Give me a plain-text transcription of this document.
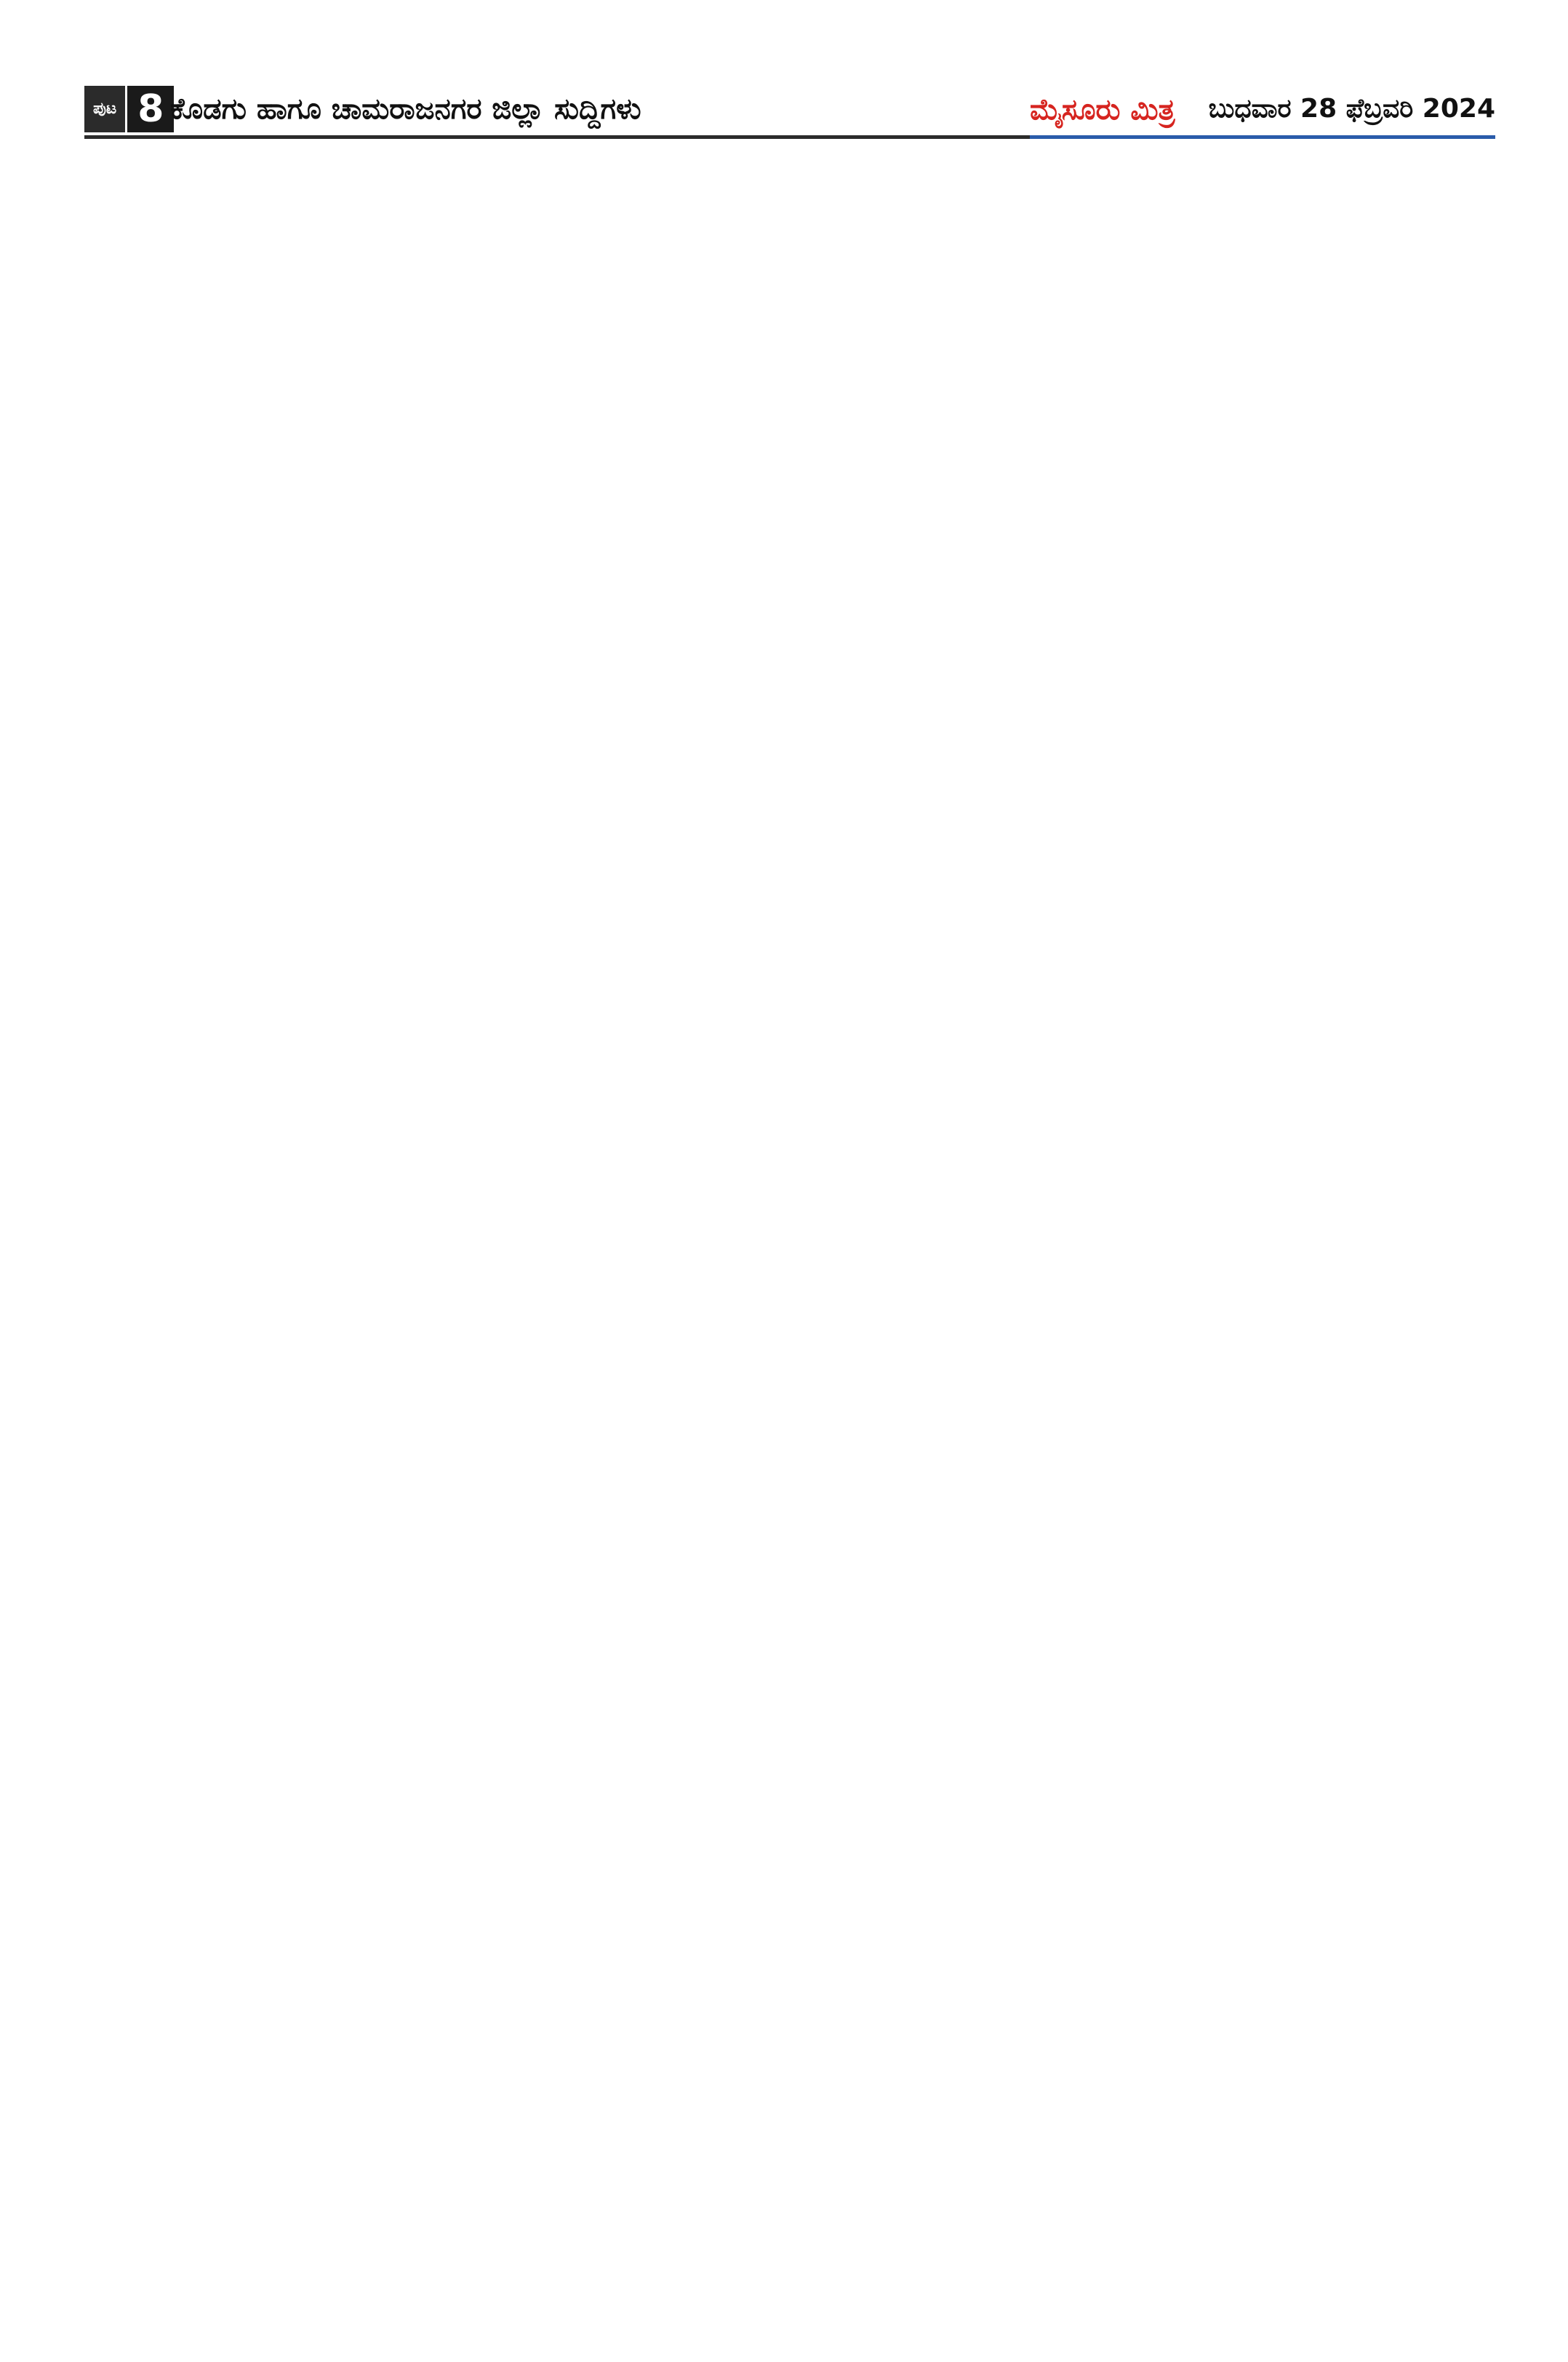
ಪುಟ 8 ಕೊಡಗು ಹಾಗೂ ಚಾಮರಾಜನಗರ ಜಿಲ್ಲಾ ಸುದ್ದಿಗಳು	ಮೈಸೂರು ಮಿತ್ರ ಬುಧವಾರ 28 ಫೆಬ್ರವರಿ 2024
